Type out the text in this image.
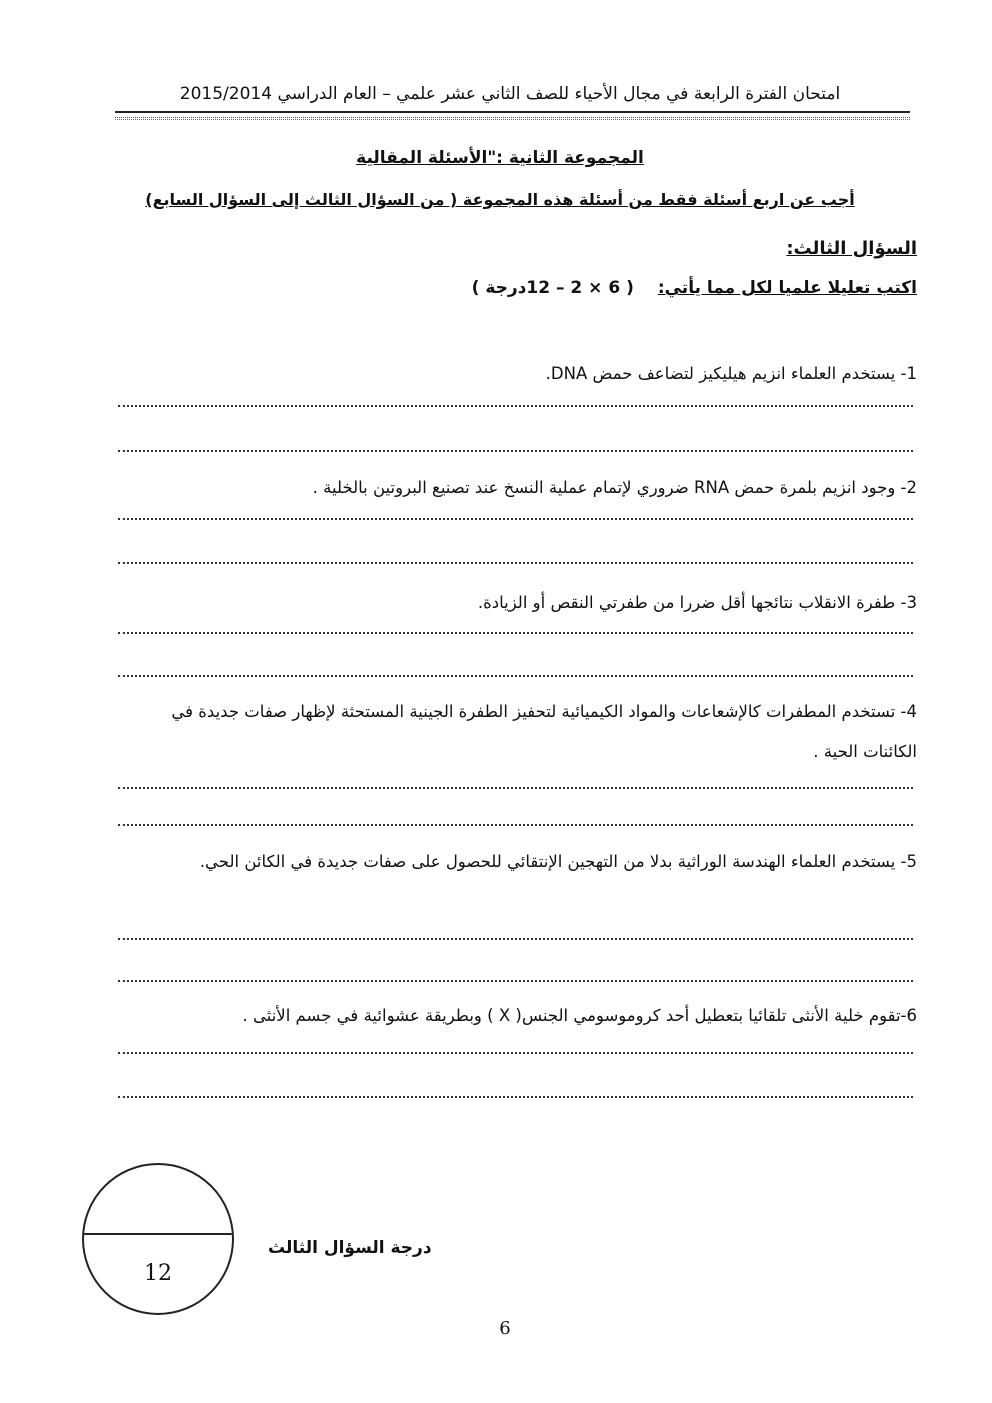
امتحان الفترة الرابعة في مجال الأحياء للصف الثاني عشر علمي – العام الدراسي 2015/2014
المجموعة الثانية :"الأسئلة المقالية
أجب عن اربع أسئلة فقط من أسئلة هذه المجموعة ( من السؤال الثالث إلى السؤال السابع)
السؤال الثالث:
اكتب تعليلا علميا لكل مما يأتي: ( 6 × 2 – 12درجة )
1- يستخدم العلماء انزيم هيليكيز لتضاعف حمض DNA.
2- وجود انزيم بلمرة حمض RNA ضروري لإتمام عملية النسخ عند تصنيع البروتين بالخلية .
3- طفرة الانقلاب نتائجها أقل ضررا من طفرتي النقص أو الزيادة.
4- تستخدم المطفرات كالإشعاعات والمواد الكيميائية لتحفيز الطفرة الجينية المستحثة لإظهار صفات جديدة في الكائنات الحية .
5- يستخدم العلماء الهندسة الوراثية بدلا من التهجين الإنتقائي للحصول على صفات جديدة في الكائن الحي.
6-تقوم خلية الأنثى تلقائيا بتعطيل أحد كروموسومي الجنس( X ) وبطريقة عشوائية في جسم الأنثى .
12
درجة السؤال الثالث
6
